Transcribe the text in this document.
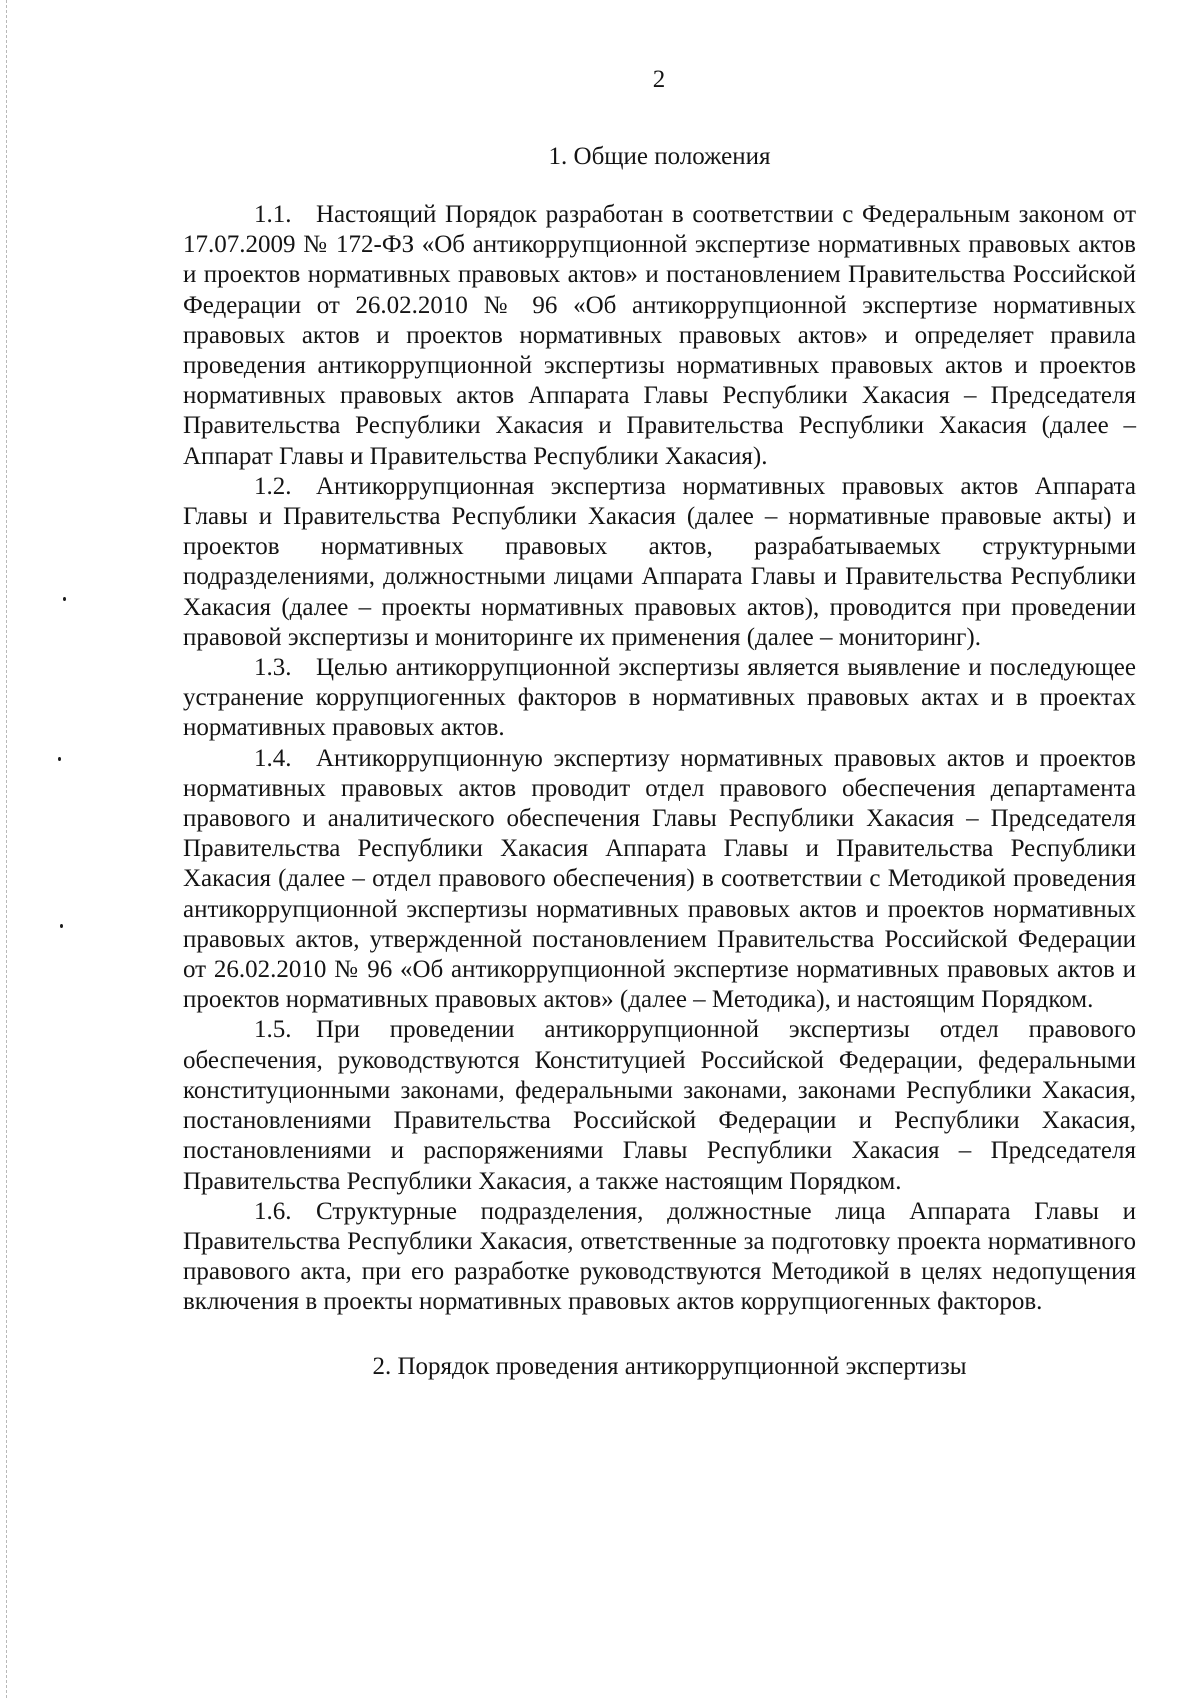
2
1. Общие положения

1.1. Настоящий Порядок разработан в соответствии с Федеральным законом от 17.07.2009 № 172-ФЗ «Об антикоррупционной экспертизе нормативных правовых актов и проектов нормативных правовых актов» и постановлением Правительства Российской Федерации от 26.02.2010 № 96 «Об антикоррупционной экспертизе нормативных правовых актов и проектов нормативных правовых актов» и определяет правила проведения антикоррупционной экспертизы нормативных правовых актов и проектов нормативных правовых актов Аппарата Главы Республики Хакасия – Председателя Правительства Республики Хакасия и Правительства Республики Хакасия (далее – Аппарат Главы и Правительства Республики Хакасия).

1.2. Антикоррупционная экспертиза нормативных правовых актов Аппарата Главы и Правительства Республики Хакасия (далее – нормативные правовые акты) и проектов нормативных правовых актов, разрабатываемых структурными подразделениями, должностными лицами Аппарата Главы и Правительства Республики Хакасия (далее – проекты нормативных правовых актов), проводится при проведении правовой экспертизы и мониторинге их применения (далее – мониторинг).

1.3. Целью антикоррупционной экспертизы является выявление и последующее устранение коррупциогенных факторов в нормативных правовых актах и в проектах нормативных правовых актов.

1.4. Антикоррупционную экспертизу нормативных правовых актов и проектов нормативных правовых актов проводит отдел правового обеспечения департамента правового и аналитического обеспечения Главы Республики Хакасия – Председателя Правительства Республики Хакасия Аппарата Главы и Правительства Республики Хакасия (далее – отдел правового обеспечения) в соответствии с Методикой проведения антикоррупционной экспертизы нормативных правовых актов и проектов нормативных правовых актов, утвержденной постановлением Правительства Российской Федерации от 26.02.2010 № 96 «Об антикоррупционной экспертизе нормативных правовых актов и проектов нормативных правовых актов» (далее – Методика), и настоящим Порядком.

1.5. При проведении антикоррупционной экспертизы отдел правового обеспечения, руководствуются Конституцией Российской Федерации, федеральными конституционными законами, федеральными законами, законами Республики Хакасия, постановлениями Правительства Российской Федерации и Республики Хакасия, постановлениями и распоряжениями Главы Республики Хакасия – Председателя Правительства Республики Хакасия, а также настоящим Порядком.

1.6. Структурные подразделения, должностные лица Аппарата Главы и Правительства Республики Хакасия, ответственные за подготовку проекта нормативного правового акта, при его разработке руководствуются Методикой в целях недопущения включения в проекты нормативных правовых актов коррупциогенных факторов.

2. Порядок проведения антикоррупционной экспертизы
